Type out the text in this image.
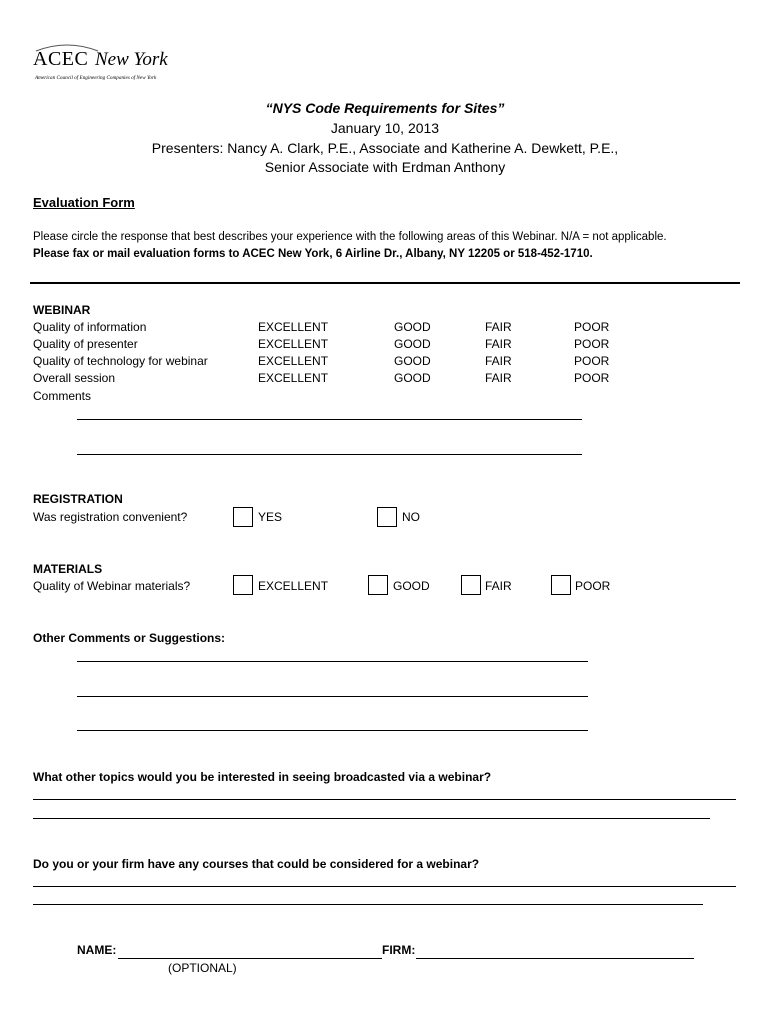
ACEC New York
American Council of Engineering Companies of New York
“NYS Code Requirements for Sites”
January 10, 2013
Presenters: Nancy A. Clark, P.E., Associate and Katherine A. Dewkett, P.E.,
Senior Associate with Erdman Anthony
Evaluation Form
Please circle the response that best describes your experience with the following areas of this Webinar. N/A = not applicable.
Please fax or mail evaluation forms to ACEC New York, 6 Airline Dr., Albany, NY 12205 or 518-452-1710.
WEBINAR
Quality of information	EXCELLENT	GOOD	FAIR	POOR
Quality of presenter	EXCELLENT	GOOD	FAIR	POOR
Quality of technology for webinar	EXCELLENT	GOOD	FAIR	POOR
Overall session	EXCELLENT	GOOD	FAIR	POOR
Comments
REGISTRATION
Was registration convenient?	YES	NO
MATERIALS
Quality of Webinar materials?	EXCELLENT	GOOD	FAIR	POOR
Other Comments or Suggestions:
What other topics would you be interested in seeing broadcasted via a webinar?
Do you or your firm have any courses that could be considered for a webinar?
NAME:	FIRM:
(OPTIONAL)
